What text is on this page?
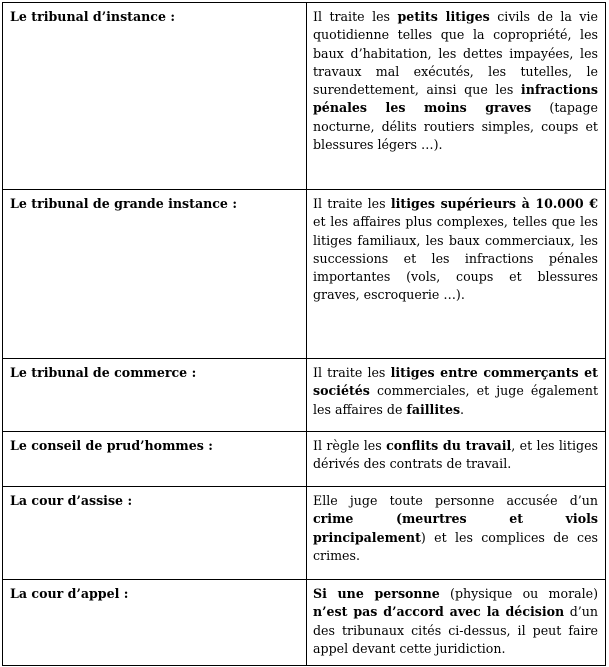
Le tribunal d’instance :	Il traite les petits litiges civils de la vie quotidienne telles que la copropriété, les baux d’habitation, les dettes impayées, les travaux mal exécutés, les tutelles, le surendettement, ainsi que les infractions pénales les moins graves (tapage nocturne, délits routiers simples, coups et blessures légers …).
Le tribunal de grande instance :	Il traite les litiges supérieurs à 10.000 € et les affaires plus complexes, telles que les litiges familiaux, les baux commerciaux, les successions et les infractions pénales importantes (vols, coups et blessures graves, escroquerie …).
Le tribunal de commerce :	Il traite les litiges entre commerçants et sociétés commerciales, et juge également les affaires de faillites.
Le conseil de prud’hommes :	Il règle les conflits du travail, et les litiges dérivés des contrats de travail.
La cour d’assise :	Elle juge toute personne accusée d’un crime (meurtres et viols principalement) et les complices de ces crimes.
La cour d’appel :	Si une personne (physique ou morale) n’est pas d’accord avec la décision d’un des tribunaux cités ci-dessus, il peut faire appel devant cette juridiction.
